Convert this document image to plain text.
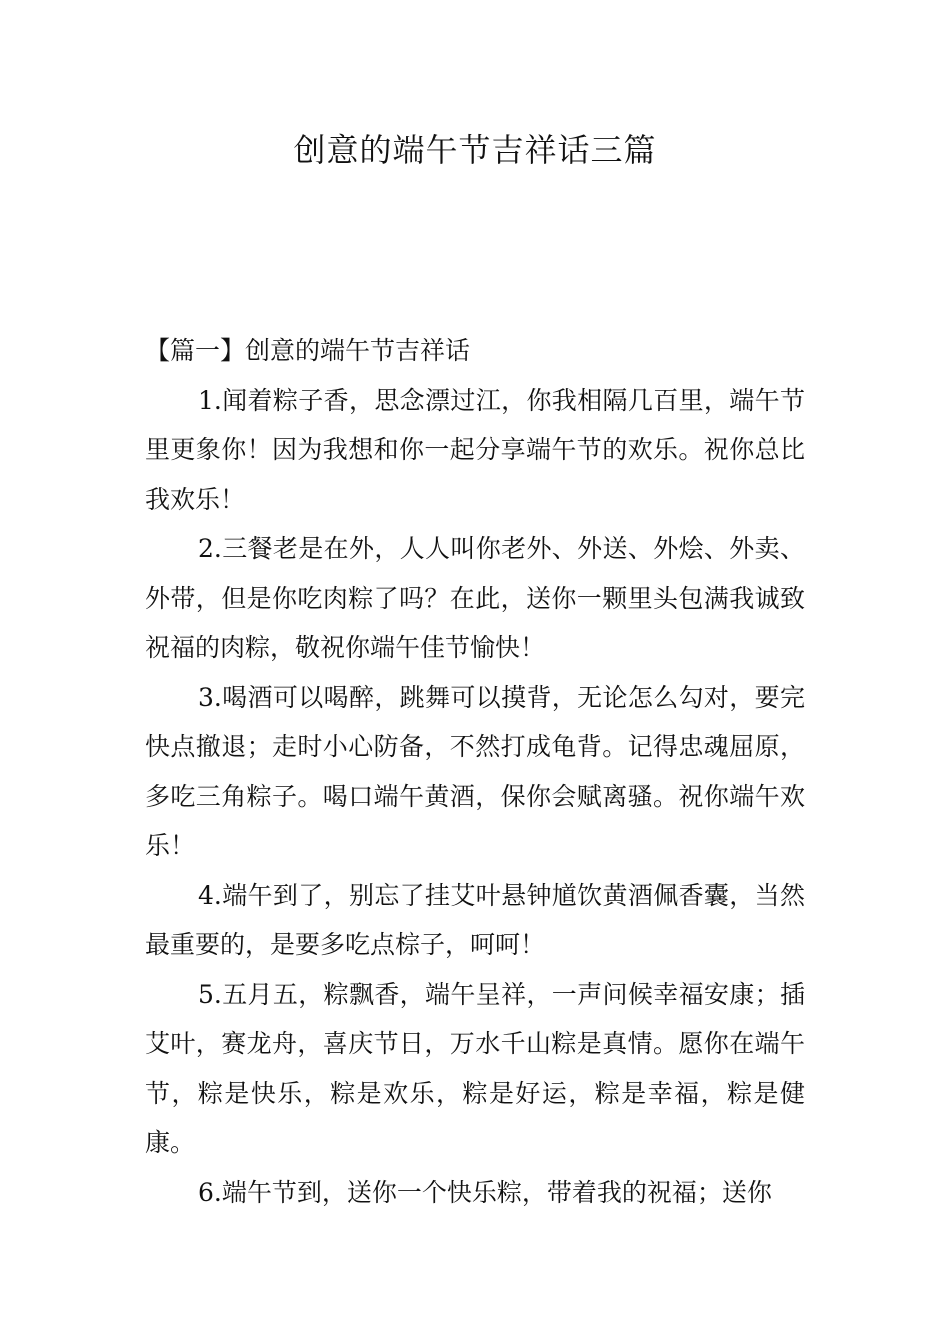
创意的端午节吉祥话三篇
【篇一】创意的端午节吉祥话

1.闻着粽子香，思念漂过江，你我相隔几百里，端午节里更象你！因为我想和你一起分享端午节的欢乐。祝你总比我欢乐！

2.三餐老是在外，人人叫你老外、外送、外烩、外卖、外带，但是你吃肉粽了吗？在此，送你一颗里头包满我诚致祝福的肉粽，敬祝你端午佳节愉快！

3.喝酒可以喝醉，跳舞可以摸背，无论怎么勾对，要完快点撤退；走时小心防备，不然打成龟背。记得忠魂屈原，多吃三角粽子。喝口端午黄酒，保你会赋离骚。祝你端午欢乐！

4.端午到了，别忘了挂艾叶悬钟馗饮黄酒佩香囊，当然最重要的，是要多吃点棕子，呵呵！

5.五月五，粽飘香，端午呈祥，一声问候幸福安康；插艾叶，赛龙舟，喜庆节日，万水千山粽是真情。愿你在端午节，粽是快乐，粽是欢乐，粽是好运，粽是幸福，粽是健康。

6.端午节到，送你一个快乐粽，带着我的祝福；送你
